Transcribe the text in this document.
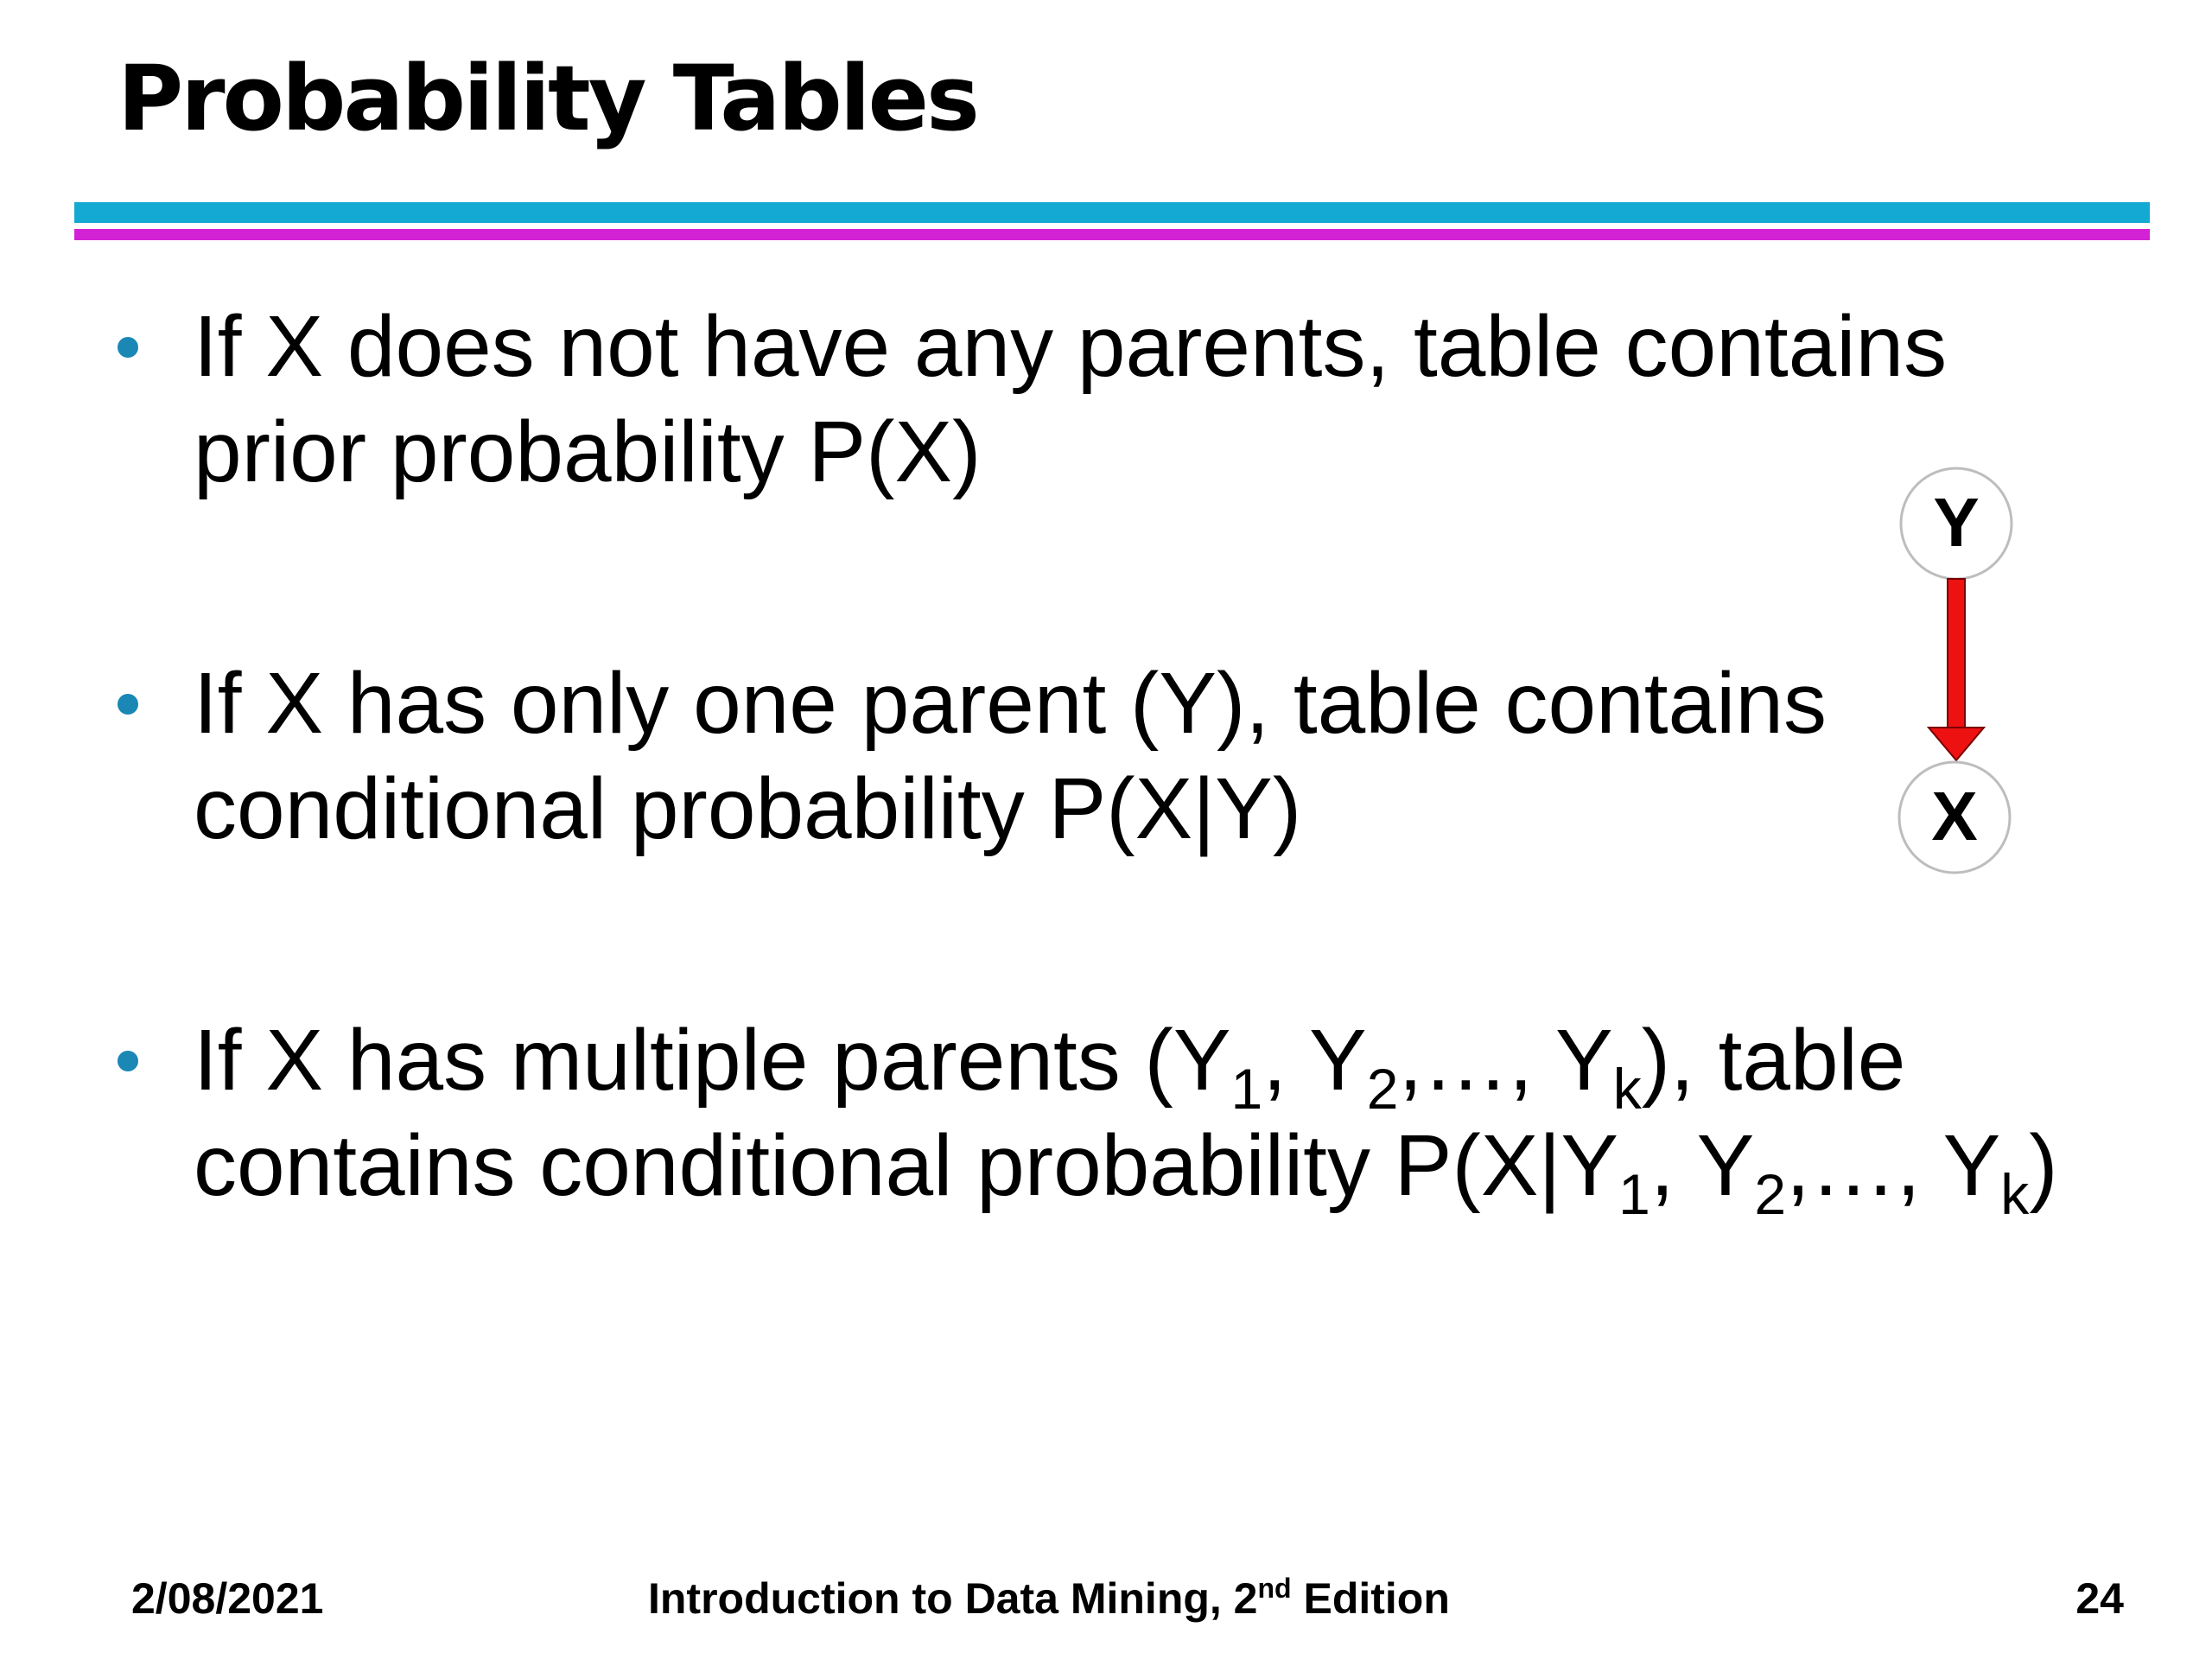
Probability Tables
If X does not have any parents, table contains
prior probability P(X)
If X has only one parent (Y), table contains
conditional probability P(X|Y)
If X has multiple parents ($Y_1$, $Y_2,\dots$, $Y_k$), table
contains conditional probability $P(X|Y_1$, $Y_2,\dots$, $Y_k$)
Y
X
2/08/2021	Introduction to Data Mining, 2nd Edition	24
